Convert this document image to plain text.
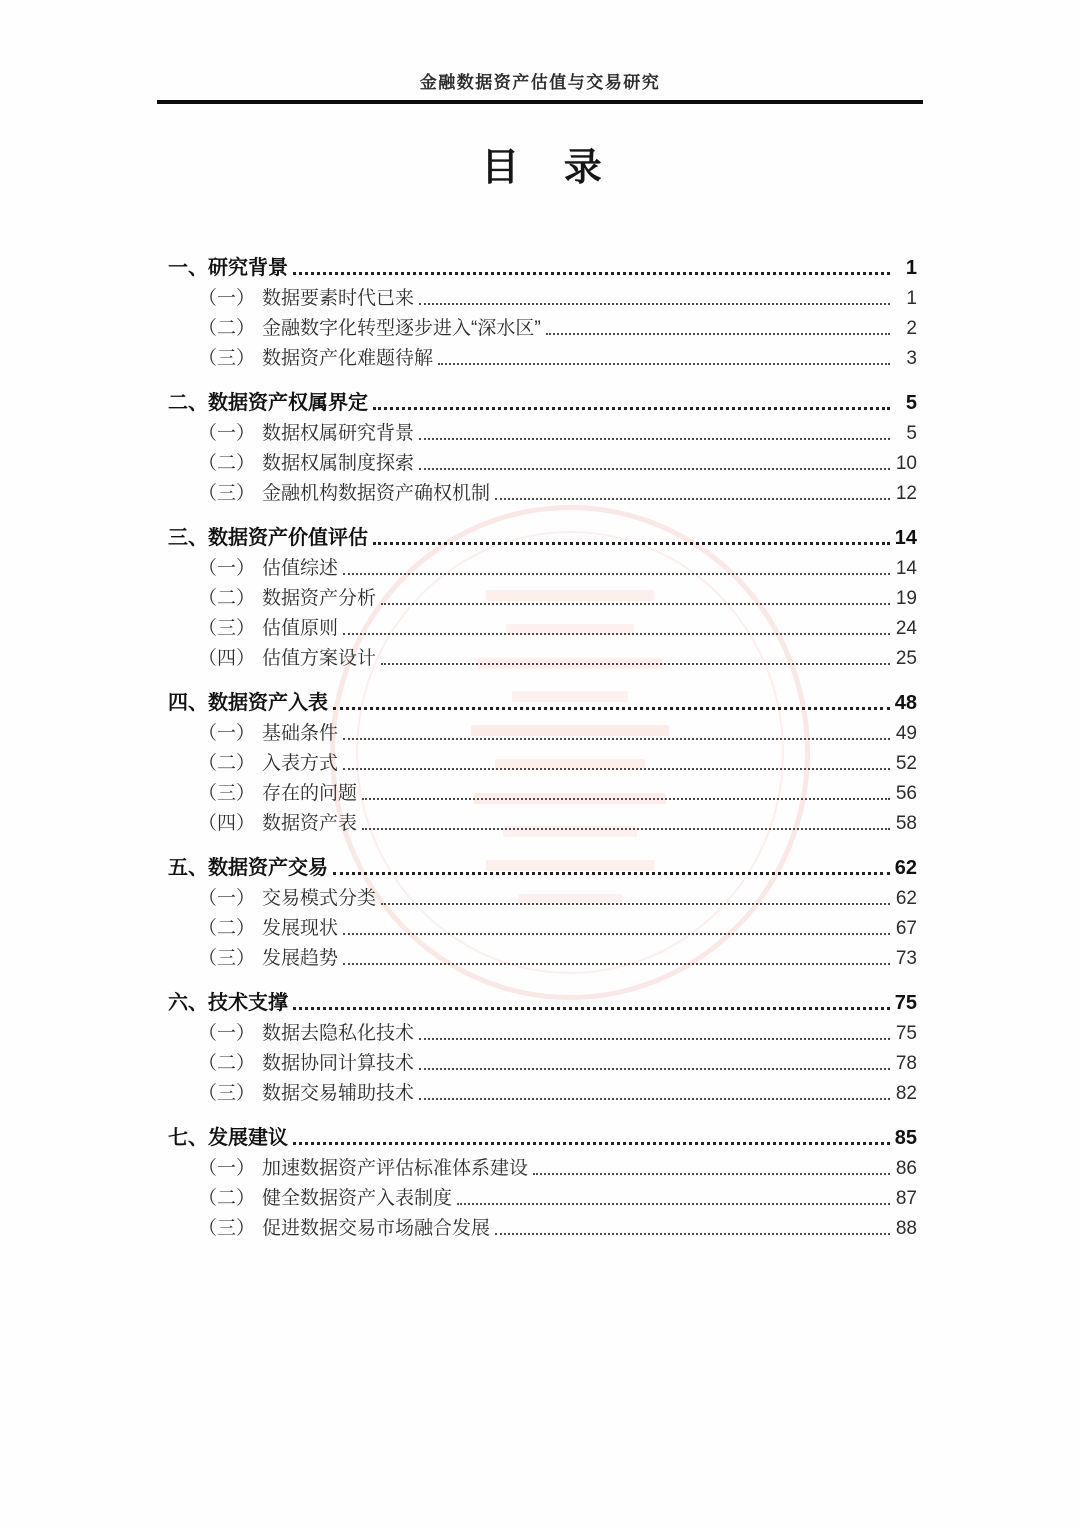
金融数据资产估值与交易研究
目 录
一、 研究背景	1
（一） 数据要素时代已来	1
（二） 金融数字化转型逐步进入“深水区”	2
（三） 数据资产化难题待解	3
二、 数据资产权属界定	5
（一） 数据权属研究背景	5
（二） 数据权属制度探索	10
（三） 金融机构数据资产确权机制	12
三、 数据资产价值评估	14
（一） 估值综述	14
（二） 数据资产分析	19
（三） 估值原则	24
（四） 估值方案设计	25
四、 数据资产入表	48
（一） 基础条件	49
（二） 入表方式	52
（三） 存在的问题	56
（四） 数据资产表	58
五、 数据资产交易	62
（一） 交易模式分类	62
（二） 发展现状	67
（三） 发展趋势	73
六、 技术支撑	75
（一） 数据去隐私化技术	75
（二） 数据协同计算技术	78
（三） 数据交易辅助技术	82
七、 发展建议	85
（一） 加速数据资产评估标准体系建设	86
（二） 健全数据资产入表制度	87
（三） 促进数据交易市场融合发展	88
